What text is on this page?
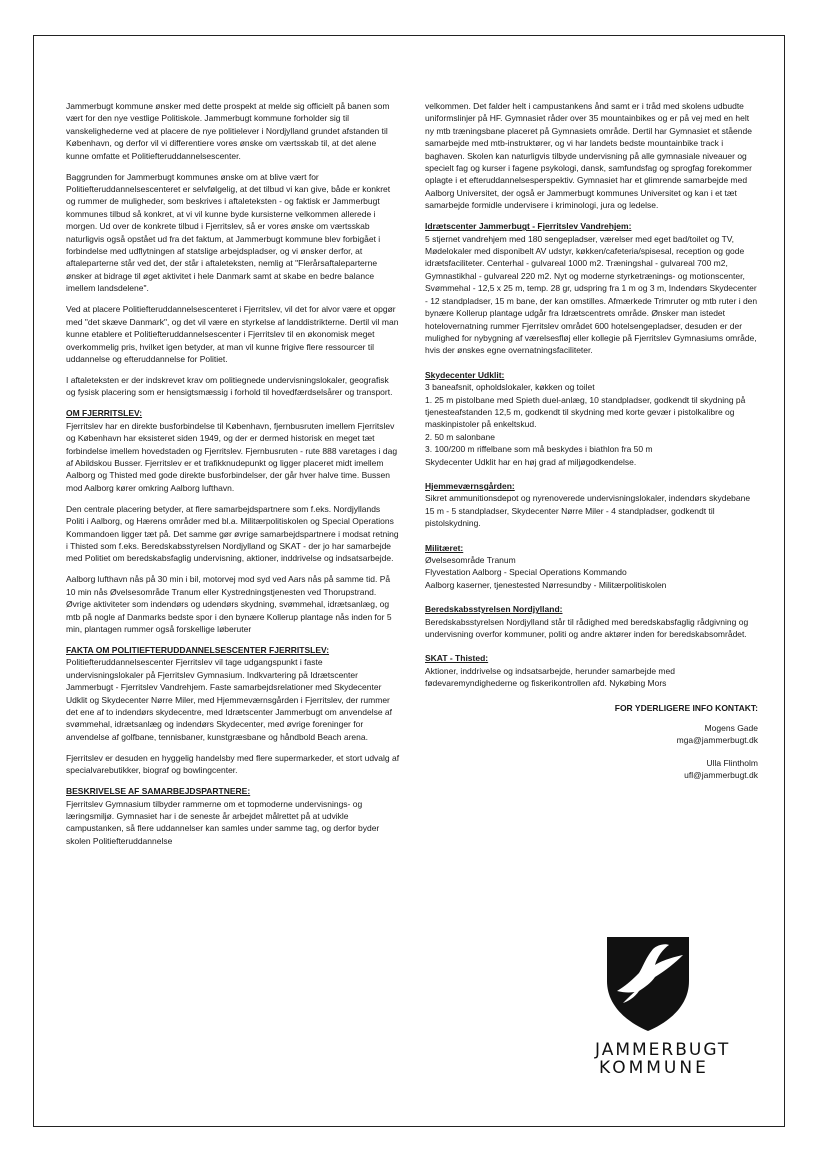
Jammerbugt kommune ønsker med dette prospekt at melde sig officielt på banen som vært for den nye vestlige Politiskole. Jammerbugt kommune forholder sig til vanskelighederne ved at placere de nye politielever i Nordjylland grundet afstanden til København, og derfor vil vi differentiere vores ønske om værtsskab til, at det alene kunne omfatte et Politiefteruddannelsescenter.

Baggrunden for Jammerbugt kommunes ønske om at blive vært for Politiefteruddannelsescenteret er selvfølgelig, at det tilbud vi kan give, både er konkret og rummer de muligheder, som beskrives i aftaleteksten - og faktisk er Jammerbugt kommunes tilbud så konkret, at vi vil kunne byde kursisterne velkommen allerede i morgen. Ud over de konkrete tilbud i Fjerritslev, så er vores ønske om værtsskab naturligvis også opstået ud fra det faktum, at Jammerbugt kommune blev forbigået i forbindelse med udflytningen af statslige arbejdspladser, og vi ønsker derfor, at aftaleparterne står ved det, der står i aftaleteksten, nemlig at "Flerårsaftaleparterne ønsker at bidrage til øget aktivitet i hele Danmark samt at skabe en bedre balance imellem landsdelene".

Ved at placere Politiefteruddannelsescenteret i Fjerritslev, vil det for alvor være et opgør med "det skæve Danmark", og det vil være en styrkelse af landdistrikterne. Dertil vil man kunne etablere et Politiefteruddannelsescenter i Fjerritslev til en økonomisk meget overkommelig pris, hvilket igen betyder, at man vil kunne frigive flere ressourcer til uddannelse og efteruddannelse for Politiet.

I aftaleteksten er der indskrevet krav om politiegnede undervisningslokaler, geografisk og fysisk placering som er hensigtsmæssig i forhold til hovedfærdselsårer og transport.

OM FJERRITSLEV:

Fjerritslev har en direkte busforbindelse til København, fjernbusruten imellem Fjerritslev og København har eksisteret siden 1949, og der er dermed historisk en meget tæt forbindelse imellem hovedstaden og Fjerritslev. Fjernbusruten - rute 888 varetages i dag af Abildskou Busser. Fjerritslev er et trafikknudepunkt og ligger placeret midt imellem Aalborg og Thisted med gode direkte busforbindelser, der går hver halve time. Bussen mod Aalborg kører omkring Aalborg lufthavn.

Den centrale placering betyder, at flere samarbejdspartnere som f.eks. Nordjyllands Politi i Aalborg, og Hærens områder med bl.a. Militærpolitiskolen og Special Operations Kommandoen ligger tæt på. Det samme gør øvrige samarbejdspartnere i modsat retning i Thisted som f.eks. Beredskabsstyrelsen Nordjylland og SKAT - der jo har samarbejde med Politiet om beredskabsfaglig undervisning, aktioner, inddrivelse og indsatsarbejde.

Aalborg lufthavn nås på 30 min i bil, motorvej mod syd ved Aars nås på samme tid. På 10 min nås Øvelsesområde Tranum eller Kystredningstjenesten ved Thorupstrand. Øvrige aktiviteter som indendørs og udendørs skydning, svømmehal, idrætsanlæg, og mtb på nogle af Danmarks bedste spor i den bynære Kollerup plantage nås inden for 5 min, plantagen rummer også forskellige løberuter

FAKTA OM POLITIEFTERUDDANNELSESCENTER FJERRITSLEV:

Politiefteruddannelsescenter Fjerritslev vil tage udgangspunkt i faste undervisningslokaler på Fjerritslev Gymnasium. Indkvartering på Idrætscenter Jammerbugt - Fjerritslev Vandrehjem. Faste samarbejdsrelationer med Skydecenter Udklit og Skydecenter Nørre Miler, med Hjemmeværnsgården i Fjerritslev, der rummer det ene af to indendørs skydecentre, med Idrætscenter Jammerbugt om anvendelse af svømmehal, idrætsanlæg og indendørs Skydecenter, med øvrige foreninger for anvendelse af golfbane, tennisbaner, kunstgræsbane og håndbold Beach arena.

Fjerritslev er desuden en hyggelig handelsby med flere supermarkeder, et stort udvalg af specialvarebutikker, biograf og bowlingcenter.

BESKRIVELSE AF SAMARBEJDSPARTNERE:

Fjerritslev Gymnasium tilbyder rammerne om et topmoderne undervisnings- og læringsmiljø. Gymnasiet har i de seneste år arbejdet målrettet på at udvikle campustanken, så flere uddannelser kan samles under samme tag, og derfor byder skolen Politiefteruddannelse

velkommen. Det falder helt i campustankens ånd samt er i tråd med skolens udbudte uniformslinjer på HF. Gymnasiet råder over 35 mountainbikes og er på vej med en helt ny mtb træningsbane placeret på Gymnasiets område. Dertil har Gymnasiet et stående samarbejde med mtb-instruktører, og vi har landets bedste mountainbike track i baghaven. Skolen kan naturligvis tilbyde undervisning på alle gymnasiale niveauer og specielt fag og kurser i fagene psykologi, dansk, samfundsfag og sprogfag forekommer oplagte i et efteruddannelsesperspektiv. Gymnasiet har et glimrende samarbejde med Aalborg Universitet, der også er Jammerbugt kommunes Universitet og kan i et tæt samarbejde formidle undervisere i kriminologi, jura og ledelse.

Idrætscenter Jammerbugt - Fjerritslev Vandrehjem:

5 stjernet vandrehjem med 180 sengepladser, værelser med eget bad/toilet og TV, Mødelokaler med disponibelt AV udstyr, køkken/cafeteria/spisesal, reception og gode idrætsfaciliteter. Centerhal - gulvareal 1000 m2. Træningshal - gulvareal 700 m2, Gymnastikhal - gulvareal 220 m2. Nyt og moderne styrketrænings- og motionscenter, Svømmehal - 12,5 x 25 m, temp. 28 gr, udspring fra 1 m og 3 m, Indendørs Skydecenter - 12 standpladser, 15 m bane, der kan omstilles. Afmærkede Trimruter og mtb ruter i den bynære Kollerup plantage udgår fra Idrætscentrets område. Ønsker man istedet hotelovernatning rummer Fjerritslev området 600 hotelsengepladser, desuden er der mulighed for nybygning af værelsesfløj eller kollegie på Fjerritslev Gymnasiums område, hvis der ønskes egne overnatningsfaciliteter.

Skydecenter Udklit:
3 baneafsnit, opholdslokaler, køkken og toilet
1. 25 m pistolbane med Spieth duel-anlæg, 10 standpladser, godkendt til skydning på tjenesteafstanden 12,5 m, godkendt til skydning med korte gevær i pistolkalibre og maskinpistoler på enkeltskud.
2. 50 m salonbane
3. 100/200 m riffelbane som må beskydes i biathlon fra 50 m
Skydecenter Udklit har en høj grad af miljøgodkendelse.
Hjemmeværnsgården:

Sikret ammunitionsdepot og nyrenoverede undervisningslokaler, indendørs skydebane 15 m - 5 standpladser, Skydecenter Nørre Miler - 4 standpladser, godkendt til pistolskydning.

Militæret:
Øvelsesområde Tranum
Flyvestation Aalborg - Special Operations Kommando
Aalborg kaserner, tjenestested Nørresundby - Militærpolitiskolen
Beredskabsstyrelsen Nordjylland:

Beredskabsstyrelsen Nordjylland står til rådighed med beredskabsfaglig rådgivning og undervisning overfor kommuner, politi og andre aktører inden for beredskabsområdet.

SKAT - Thisted:

Aktioner, inddrivelse og indsatsarbejde, herunder samarbejde med fødevaremyndighederne og fiskerikontrollen afd. Nykøbing Mors

FOR YDERLIGERE INFO KONTAKT:
Mogens Gade
mga@jammerbugt.dk
Ulla Flintholm
ufl@jammerbugt.dk
JAMMERBUGT
KOMMUNE
